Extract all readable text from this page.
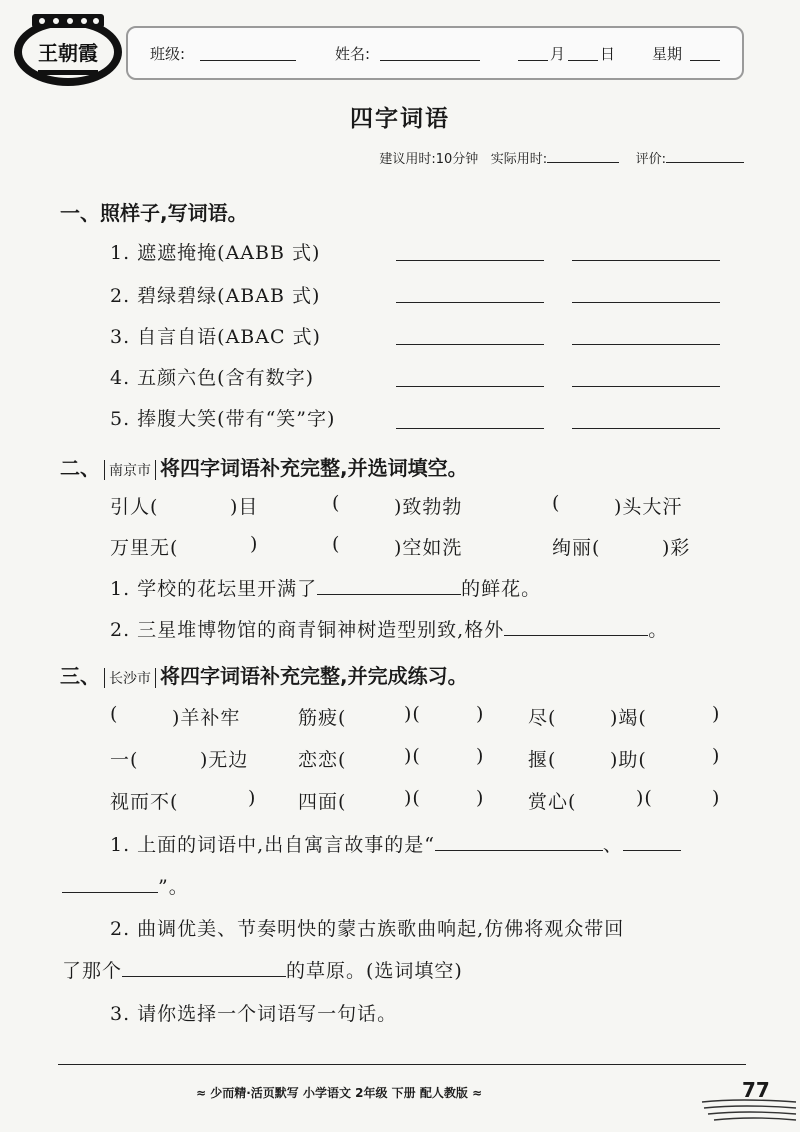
王朝霞	班级:	姓名:	月 日 星期
四字词语
建议用时:10分钟 实际用时:	评价:
一、照样子,写词语。
1. 遮遮掩掩(AABB 式)
2. 碧绿碧绿(ABAB 式)
3. 自言自语(ABAC 式)
4. 五颜六色(含有数字)
5. 捧腹大笑(带有“笑”字)
二、 南京市 将四字词语补充完整,并选词填空。
引人(	)目	(	)致勃勃	(	)头大汗
万里无(	)	(	)空如洗	绚丽(	)彩
1. 学校的花坛里开满了	的鲜花。
2. 三星堆博物馆的商青铜神树造型别致,格外	。
三、 长沙市 将四字词语补充完整,并完成练习。
(	)羊补牢	筋疲(	)(	) 尽(	)竭(	)
一(	)无边	恋恋(	)(	) 揠(	)助(	)
视而不(	) 四面(	)(	) 赏心(	)(	)
1. 上面的词语中,出自寓言故事的是“	、
”。
2. 曲调优美、节奏明快的蒙古族歌曲响起,仿佛将观众带回
了那个	的草原。(选词填空)
3. 请你选择一个词语写一句话。
≈ 少而精·活页默写 小学语文 2年级 下册 配人教版 ≈	77
